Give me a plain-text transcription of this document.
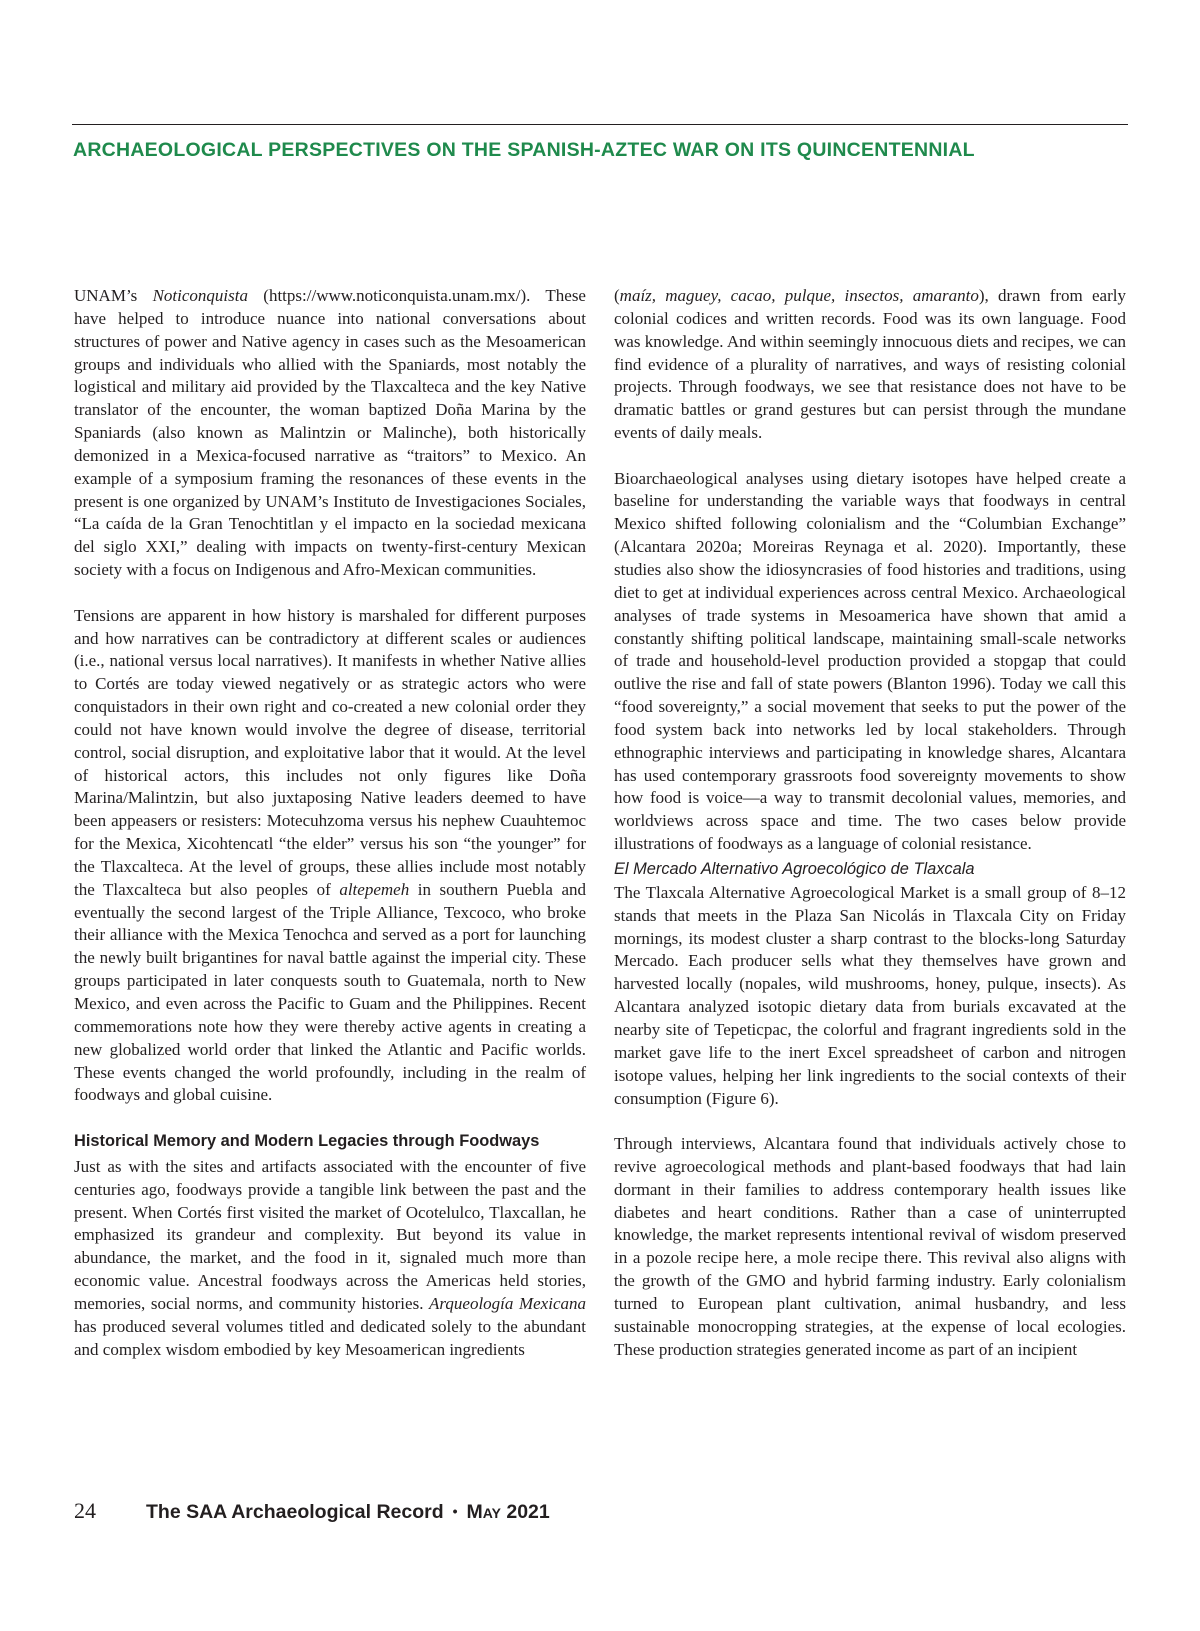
ARCHAEOLOGICAL PERSPECTIVES ON THE SPANISH-AZTEC WAR ON ITS QUINCENTENNIAL

UNAM’s Noticonquista (https://www.noticonquista.unam.mx/). These have helped to introduce nuance into national conversations about structures of power and Native agency in cases such as the Mesoamerican groups and individuals who allied with the Spaniards, most notably the logistical and military aid provided by the Tlaxcalteca and the key Native translator of the encounter, the woman baptized Doña Marina by the Spaniards (also known as Malintzin or Malinche), both historically demonized in a Mexica-focused narrative as “traitors” to Mexico. An example of a symposium framing the resonances of these events in the present is one organized by UNAM’s Instituto de Investigaciones Sociales, “La caída de la Gran Tenochtitlan y el impacto en la sociedad mexicana del siglo XXI,” dealing with impacts on twenty-first-century Mexican society with a focus on Indigenous and Afro-Mexican communities.

Tensions are apparent in how history is marshaled for different purposes and how narratives can be contradictory at different scales or audiences (i.e., national versus local narratives). It manifests in whether Native allies to Cortés are today viewed negatively or as strategic actors who were conquistadors in their own right and co-created a new colonial order they could not have known would involve the degree of disease, territorial control, social disruption, and exploitative labor that it would. At the level of historical actors, this includes not only figures like Doña Marina/Malintzin, but also juxtaposing Native leaders deemed to have been appeasers or resisters: Motecuhzoma versus his nephew Cuauhtemoc for the Mexica, Xicohtencatl “the elder” versus his son “the younger” for the Tlaxcalteca. At the level of groups, these allies include most notably the Tlaxcalteca but also peoples of altepemeh in southern Puebla and eventually the second largest of the Triple Alliance, Texcoco, who broke their alliance with the Mexica Tenochca and served as a port for launching the newly built brigantines for naval battle against the imperial city. These groups participated in later conquests south to Guatemala, north to New Mexico, and even across the Pacific to Guam and the Philippines. Recent commemorations note how they were thereby active agents in creating a new globalized world order that linked the Atlantic and Pacific worlds. These events changed the world profoundly, including in the realm of foodways and global cuisine.

Historical Memory and Modern Legacies through Foodways

Just as with the sites and artifacts associated with the encounter of five centuries ago, foodways provide a tangible link between the past and the present. When Cortés first visited the market of Ocotelulco, Tlaxcallan, he emphasized its grandeur and complexity. But beyond its value in abundance, the market, and the food in it, signaled much more than economic value. Ancestral foodways across the Americas held stories, memories, social norms, and community histories. Arqueología Mexicana has produced several volumes titled and dedicated solely to the abundant and complex wisdom embodied by key Mesoamerican ingredients

(maíz, maguey, cacao, pulque, insectos, amaranto), drawn from early colonial codices and written records. Food was its own language. Food was knowledge. And within seemingly innocuous diets and recipes, we can find evidence of a plurality of narratives, and ways of resisting colonial projects. Through foodways, we see that resistance does not have to be dramatic battles or grand gestures but can persist through the mundane events of daily meals.

Bioarchaeological analyses using dietary isotopes have helped create a baseline for understanding the variable ways that foodways in central Mexico shifted following colonialism and the “Columbian Exchange” (Alcantara 2020a; Moreiras Reynaga et al. 2020). Importantly, these studies also show the idiosyncrasies of food histories and traditions, using diet to get at individual experiences across central Mexico. Archaeological analyses of trade systems in Mesoamerica have shown that amid a constantly shifting political landscape, maintaining small-scale networks of trade and household-level production provided a stopgap that could outlive the rise and fall of state powers (Blanton 1996). Today we call this “food sovereignty,” a social movement that seeks to put the power of the food system back into networks led by local stakeholders. Through ethnographic interviews and participating in knowledge shares, Alcantara has used contemporary grassroots food sovereignty movements to show how food is voice—a way to transmit decolonial values, memories, and worldviews across space and time. The two cases below provide illustrations of foodways as a language of colonial resistance.

El Mercado Alternativo Agroecológico de Tlaxcala

The Tlaxcala Alternative Agroecological Market is a small group of 8–12 stands that meets in the Plaza San Nicolás in Tlaxcala City on Friday mornings, its modest cluster a sharp contrast to the blocks-long Saturday Mercado. Each producer sells what they themselves have grown and harvested locally (nopales, wild mushrooms, honey, pulque, insects). As Alcantara analyzed isotopic dietary data from burials excavated at the nearby site of Tepeticpac, the colorful and fragrant ingredients sold in the market gave life to the inert Excel spreadsheet of carbon and nitrogen isotope values, helping her link ingredients to the social contexts of their consumption (Figure 6).

Through interviews, Alcantara found that individuals actively chose to revive agroecological methods and plant-based foodways that had lain dormant in their families to address contemporary health issues like diabetes and heart conditions. Rather than a case of uninterrupted knowledge, the market represents intentional revival of wisdom preserved in a pozole recipe here, a mole recipe there. This revival also aligns with the growth of the GMO and hybrid farming industry. Early colonialism turned to European plant cultivation, animal husbandry, and less sustainable monocropping strategies, at the expense of local ecologies. These production strategies generated income as part of an incipient

24	The SAA Archaeological Record • May 2021
